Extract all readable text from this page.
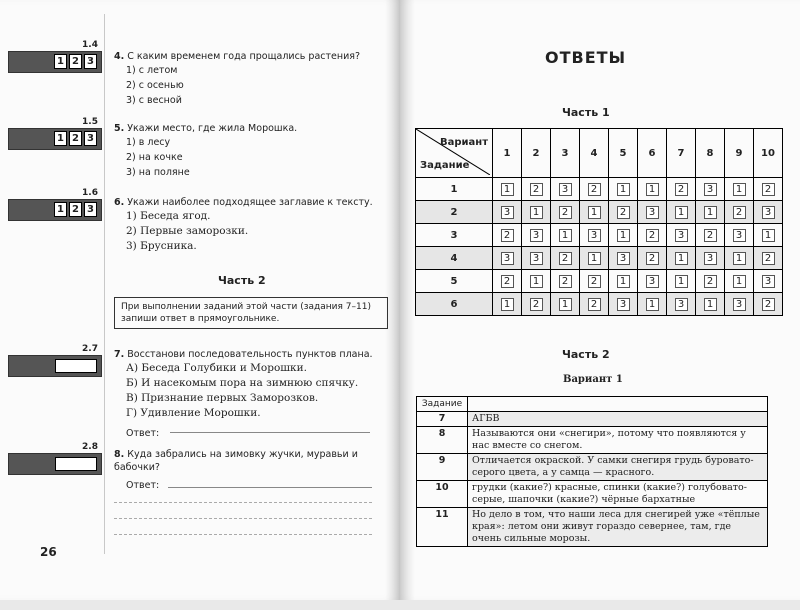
1.4
1 2 3
1.5
1 2 3
1.6
1 2 3
2.7
2.8
4. С каким временем года прощались растения?
1) с летом
2) с осенью
3) с весной
5. Укажи место, где жила Морошка.
1) в лесу
2) на кочке
3) на поляне
6. Укажи наиболее подходящее заглавие к тексту.
1) Беседа ягод.
2) Первые заморозки.
3) Брусника.
Часть 2
При выполнении заданий этой части (задания 7–11) запиши ответ в прямоугольнике.
7. Восстанови последовательность пунктов плана.
А) Беседа Голубики и Морошки.
Б) И насекомым пора на зимнюю спячку.
В) Признание первых Заморозков.
Г) Удивление Морошки.
Ответ:
8. Куда забрались на зимовку жучки, муравьи и бабочки?
Ответ:
26
ОТВЕТЫ
Часть 1
Вариант
Задание	1	2	3	4	5	6	7	8	9	10
1	1	2	3	2	1	1	2	3	1	2
2	3	1	2	1	2	3	1	1	2	3
3	2	3	1	3	1	2	3	2	3	1
4	3	3	2	1	3	2	1	3	1	2
5	2	1	2	2	1	3	1	2	1	3
6	1	2	1	2	3	1	3	1	3	2
Часть 2
Вариант 1
Задание	
7	АГБВ
8	Называются они «снегири», потому что появляются у нас вместе со снегом.
9	Отличается окраской. У самки снегиря грудь буровато-серого цвета, а у самца — красного.
10	грудки (какие?) красные, спинки (какие?) голубовато-серые, шапочки (какие?) чёрные бархатные
11	Но дело в том, что наши леса для снегирей уже «тёплые края»: летом они живут гораздо севернее, там, где очень сильные морозы.
